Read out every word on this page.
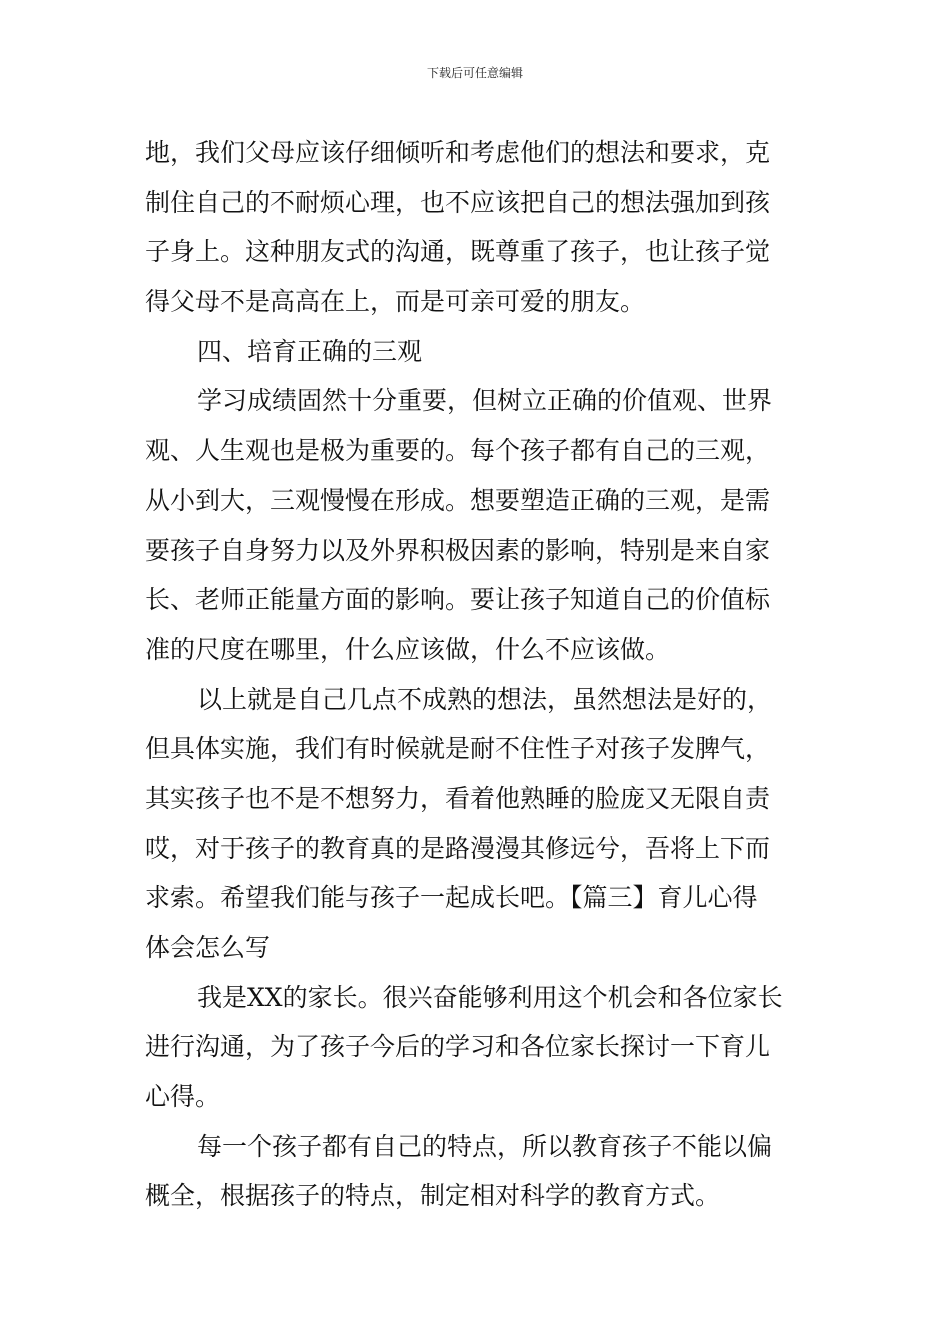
下载后可任意编辑
地，我们父母应该仔细倾听和考虑他们的想法和要求，克
制住自己的不耐烦心理，也不应该把自己的想法强加到孩
子身上。这种朋友式的沟通，既尊重了孩子，也让孩子觉
得父母不是高高在上，而是可亲可爱的朋友。
四、培育正确的三观
学习成绩固然十分重要，但树立正确的价值观、世界
观、人生观也是极为重要的。每个孩子都有自己的三观，
从小到大，三观慢慢在形成。想要塑造正确的三观，是需
要孩子自身努力以及外界积极因素的影响，特别是来自家
长、老师正能量方面的影响。要让孩子知道自己的价值标
准的尺度在哪里，什么应该做，什么不应该做。
以上就是自己几点不成熟的想法，虽然想法是好的，
但具体实施，我们有时候就是耐不住性子对孩子发脾气，
其实孩子也不是不想努力，看着他熟睡的脸庞又无限自责
哎，对于孩子的教育真的是路漫漫其修远兮，吾将上下而
求索。希望我们能与孩子一起成长吧。【篇三】育儿心得
体会怎么写
我是XX的家长。很兴奋能够利用这个机会和各位家长
进行沟通，为了孩子今后的学习和各位家长探讨一下育儿
心得。
每一个孩子都有自己的特点，所以教育孩子不能以偏
概全，根据孩子的特点，制定相对科学的教育方式。
